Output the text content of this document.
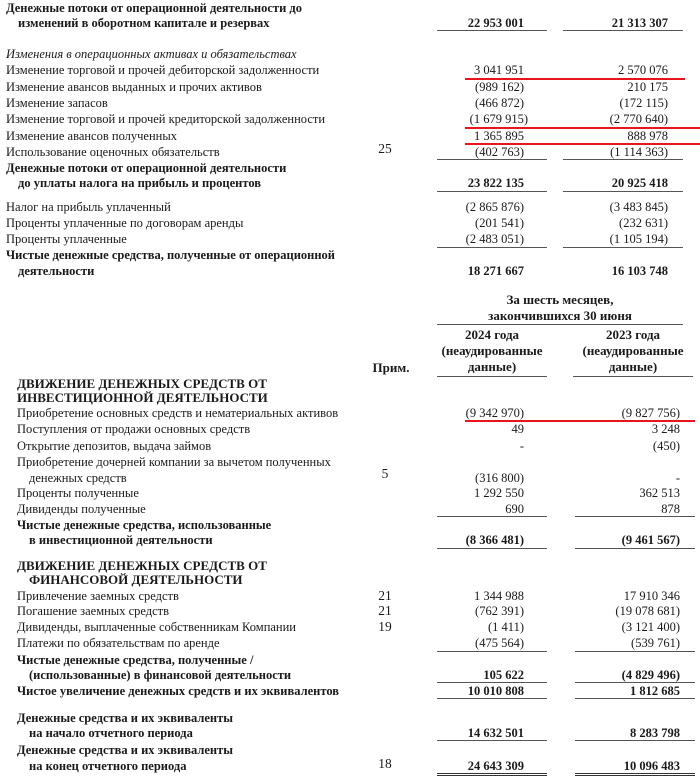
Денежные потоки от операционной деятельности до
изменений в оборотном капитале и резервах	22 953 001	21 313 307
Изменения в операционных активах и обязательствах
Изменение торговой и прочей дебиторской задолженности	3 041 951	2 570 076
Изменение авансов выданных и прочих активов	(989 162)	210 175
Изменение запасов	(466 872)	(172 115)
Изменение торговой и прочей кредиторской задолженности	(1 679 915)	(2 770 640)
Изменение авансов полученных	1 365 895	888 978
Использование оценочных обязательств	25	(402 763)	(1 114 363)
Денежные потоки от операционной деятельности
до уплаты налога на прибыль и процентов	23 822 135	20 925 418
Налог на прибыль уплаченный	(2 865 876)	(3 483 845)
Проценты уплаченные по договорам аренды	(201 541)	(232 631)
Проценты уплаченные	(2 483 051)	(1 105 194)
Чистые денежные средства, полученные от операционной
деятельности	18 271 667	16 103 748
За шесть месяцев,
закончившихся 30 июня
2024 года
(неаудированные
данные)
2023 года
(неаудированные
данные)
Прим.
ДВИЖЕНИЕ ДЕНЕЖНЫХ СРЕДСТВ ОТ
ИНВЕСТИЦИОННОЙ ДЕЯТЕЛЬНОСТИ
Приобретение основных средств и нематериальных активов	(9 342 970)	(9 827 756)
Поступления от продажи основных средств	49	3 248
Открытие депозитов, выдача займов	-	(450)
Приобретение дочерней компании за вычетом полученных
денежных средств	5	(316 800)	-
Проценты полученные	1 292 550	362 513
Дивиденды полученные	690	878
Чистые денежные средства, использованные
в инвестиционной деятельности	(8 366 481)	(9 461 567)
ДВИЖЕНИЕ ДЕНЕЖНЫХ СРЕДСТВ ОТ
ФИНАНСОВОЙ ДЕЯТЕЛЬНОСТИ
Привлечение заемных средств	21	1 344 988	17 910 346
Погашение заемных средств	21	(762 391)	(19 078 681)
Дивиденды, выплаченные собственникам Компании	19	(1 411)	(3 121 400)
Платежи по обязательствам по аренде	(475 564)	(539 761)
Чистые денежные средства, полученные /
(использованные) в финансовой деятельности	105 622	(4 829 496)
Чистое увеличение денежных средств и их эквивалентов	10 010 808	1 812 685
Денежные средства и их эквиваленты
на начало отчетного периода	14 632 501	8 283 798
Денежные средства и их эквиваленты
на конец отчетного периода	18	24 643 309	10 096 483
